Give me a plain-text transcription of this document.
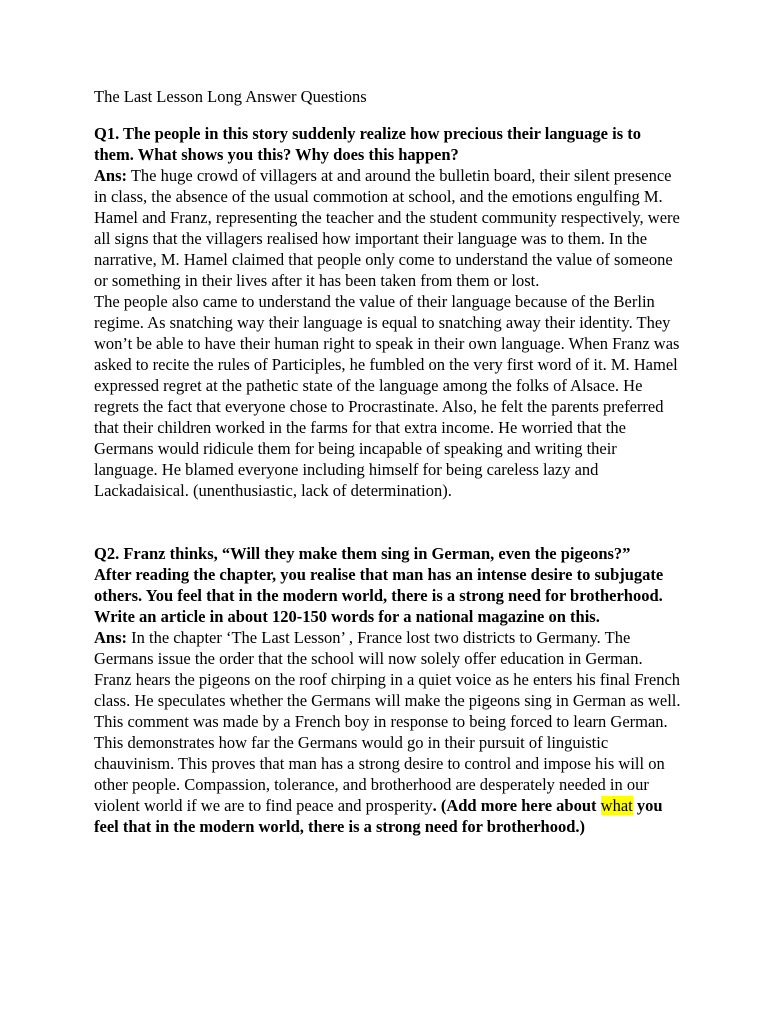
The Last Lesson Long Answer Questions

Q1. The people in this story suddenly realize how precious their language is to them. What shows you this? Why does this happen?

Ans: The huge crowd of villagers at and around the bulletin board, their silent presence in class, the absence of the usual commotion at school, and the emotions engulfing M. Hamel and Franz, representing the teacher and the student community respectively, were all signs that the villagers realised how important their language was to them. In the narrative, M. Hamel claimed that people only come to understand the value of someone or something in their lives after it has been taken from them or lost.

The people also came to understand the value of their language because of the Berlin regime. As snatching way their language is equal to snatching away their identity. They won’t be able to have their human right to speak in their own language. When Franz was asked to recite the rules of Participles, he fumbled on the very first word of it. M. Hamel expressed regret at the pathetic state of the language among the folks of Alsace. He regrets the fact that everyone chose to Procrastinate. Also, he felt the parents preferred that their children worked in the farms for that extra income. He worried that the Germans would ridicule them for being incapable of speaking and writing their language. He blamed everyone including himself for being careless lazy and Lackadaisical. (unenthusiastic, lack of determination).

Q2. Franz thinks, “Will they make them sing in German, even the pigeons?”

After reading the chapter, you realise that man has an intense desire to subjugate others. You feel that in the modern world, there is a strong need for brotherhood. Write an article in about 120-150 words for a national magazine on this.

Ans: In the chapter ‘The Last Lesson’ , France lost two districts to Germany. The Germans issue the order that the school will now solely offer education in German. Franz hears the pigeons on the roof chirping in a quiet voice as he enters his final French class. He speculates whether the Germans will make the pigeons sing in German as well. This comment was made by a French boy in response to being forced to learn German. This demonstrates how far the Germans would go in their pursuit of linguistic chauvinism. This proves that man has a strong desire to control and impose his will on other people. Compassion, tolerance, and brotherhood are desperately needed in our violent world if we are to find peace and prosperity. (Add more here about what you feel that in the modern world, there is a strong need for brotherhood.)
